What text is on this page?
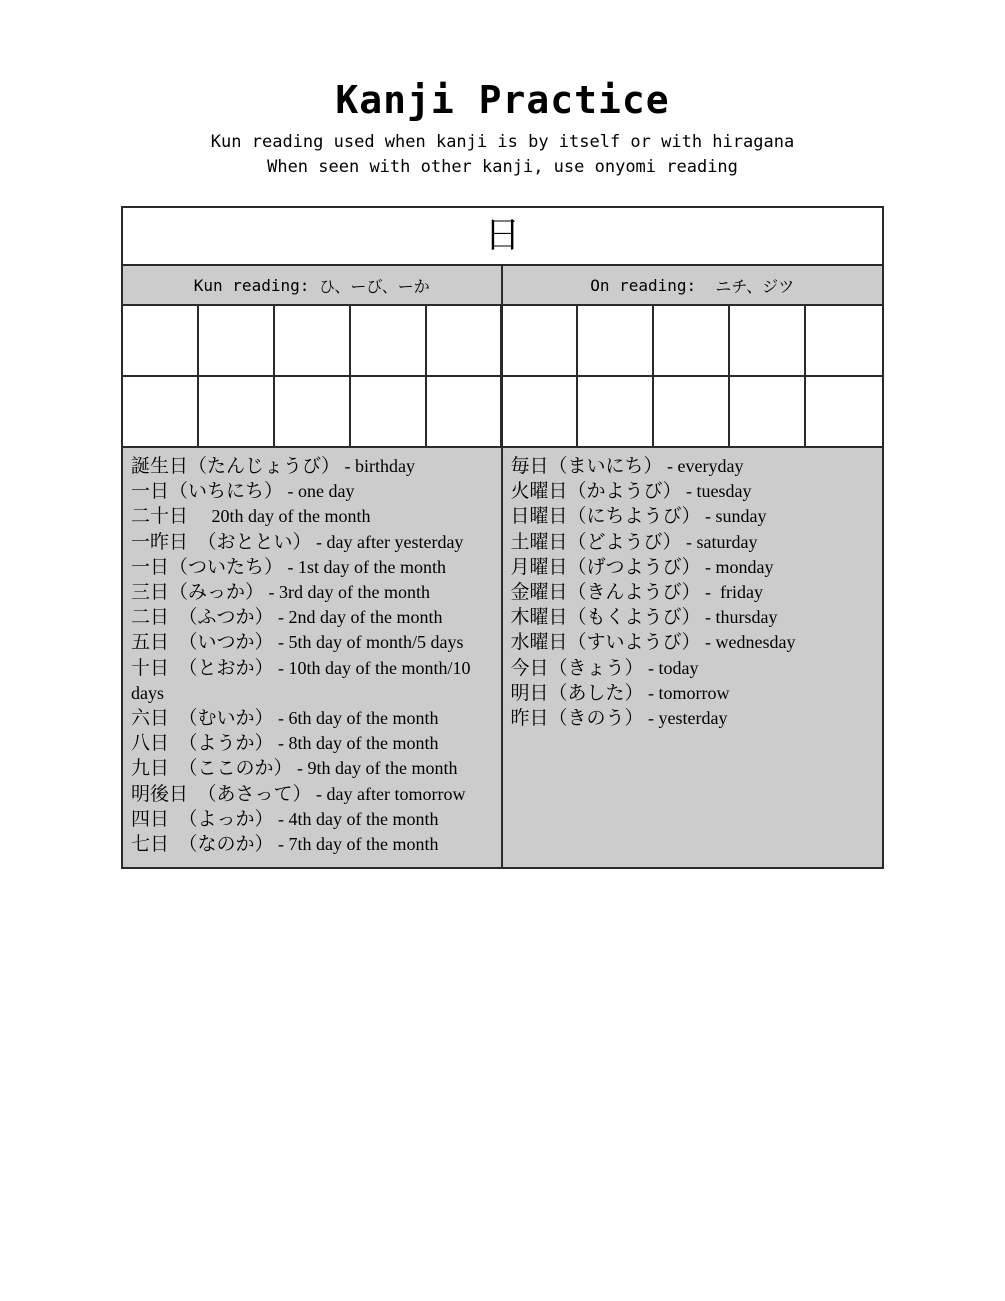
Kanji Practice
Kun reading used when kanji is by itself or with hiragana
When seen with other kanji, use onyomi reading
日
Kun reading: ひ、ーび、ーか	On reading: ニチ、ジツ
誕生日（たんじょうび） - birthday
一日（いちにち） - one day
二十日　 20th day of the month
一昨日　（おととい） - day after yesterday
一日（ついたち） - 1st day of the month
三日（みっか） - 3rd day of the month
二日　（ふつか） - 2nd day of the month
五日　（いつか） - 5th day of month/5 days
十日　（とおか） - 10th day of the month/10 days
六日　（むいか） - 6th day of the month
八日　（ようか） - 8th day of the month
九日　（ここのか） - 9th day of the month
明後日　（あさって） - day after tomorrow
四日　（よっか） - 4th day of the month
七日　（なのか） - 7th day of the month
毎日（まいにち） - everyday
火曜日（かようび） - tuesday
日曜日（にちようび） - sunday
土曜日（どようび） - saturday
月曜日（げつようび） - monday
金曜日（きんようび） -  friday
木曜日（もくようび） - thursday
水曜日（すいようび） - wednesday
今日（きょう） - today
明日（あした） - tomorrow
昨日（きのう） - yesterday
